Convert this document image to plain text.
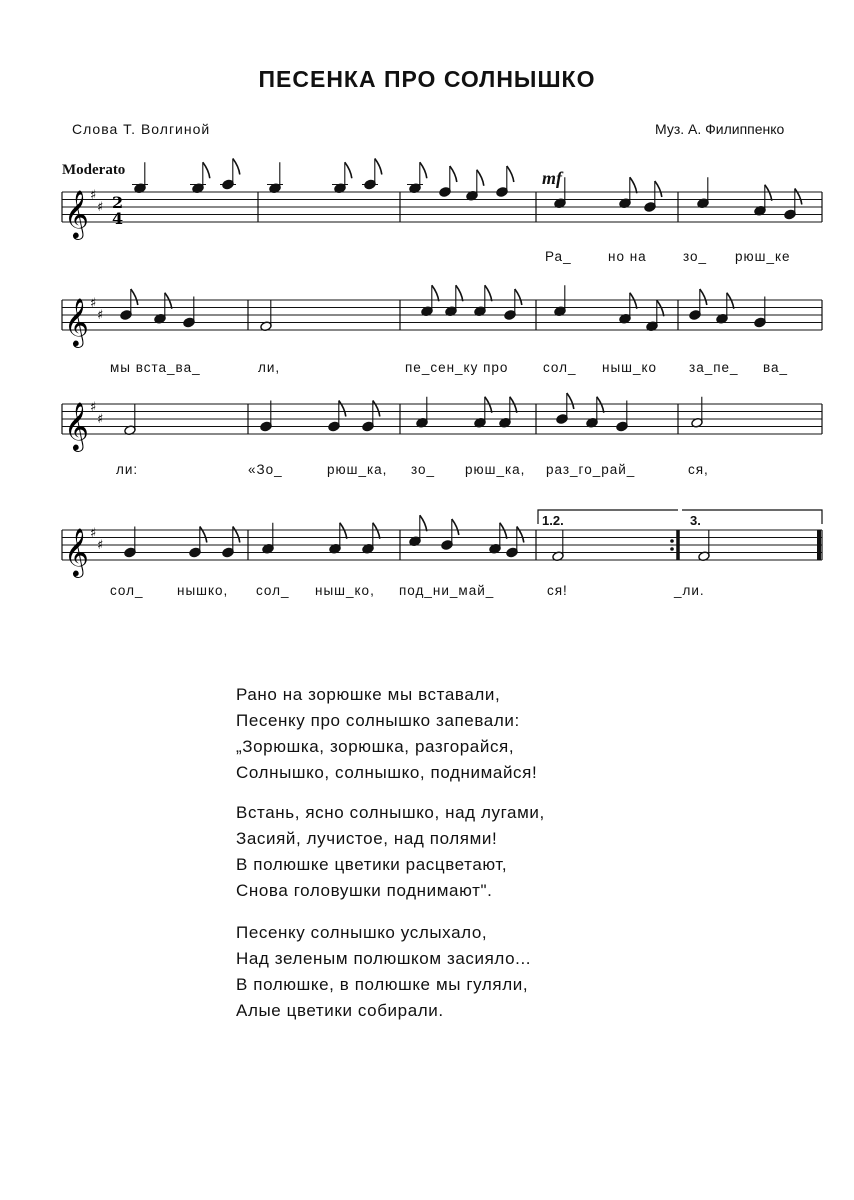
ПЕСЕНКА ПРО СОЛНЫШКО
Слова Т. Волгиной	Муз. А. Филиппенко
Moderato	mf
𝄞 ♯
♯
𝄞 ♯
♯
𝄞 ♯
♯
𝄞 ♯
♯
2
4
Ра_	но на	зо_ рюш_ке
мы вста_ва_	ли,	пе_сен_ку про	сол_ ныш_ко за_пе_ ва_
ли:	«Зо_	рюш_ка, зо_ рюш_ка, раз_го_рай_	ся,
сол_ нышко, сол_ ныш_ко, под_ни_май_	ся!	_ли.
1.2.	3.
Рано на зорюшке мы вставали,
Песенку про солнышко запевали:
„Зорюшка, зорюшка, разгорайся,
Солнышко, солнышко, поднимайся!
Встань, ясно солнышко, над лугами,
Засияй, лучистое, над полями!
В полюшке цветики расцветают,
Снова головушки поднимают".
Песенку солнышко услыхало,
Над зеленым полюшком засияло...
В полюшке, в полюшке мы гуляли,
Алые цветики собирали.
